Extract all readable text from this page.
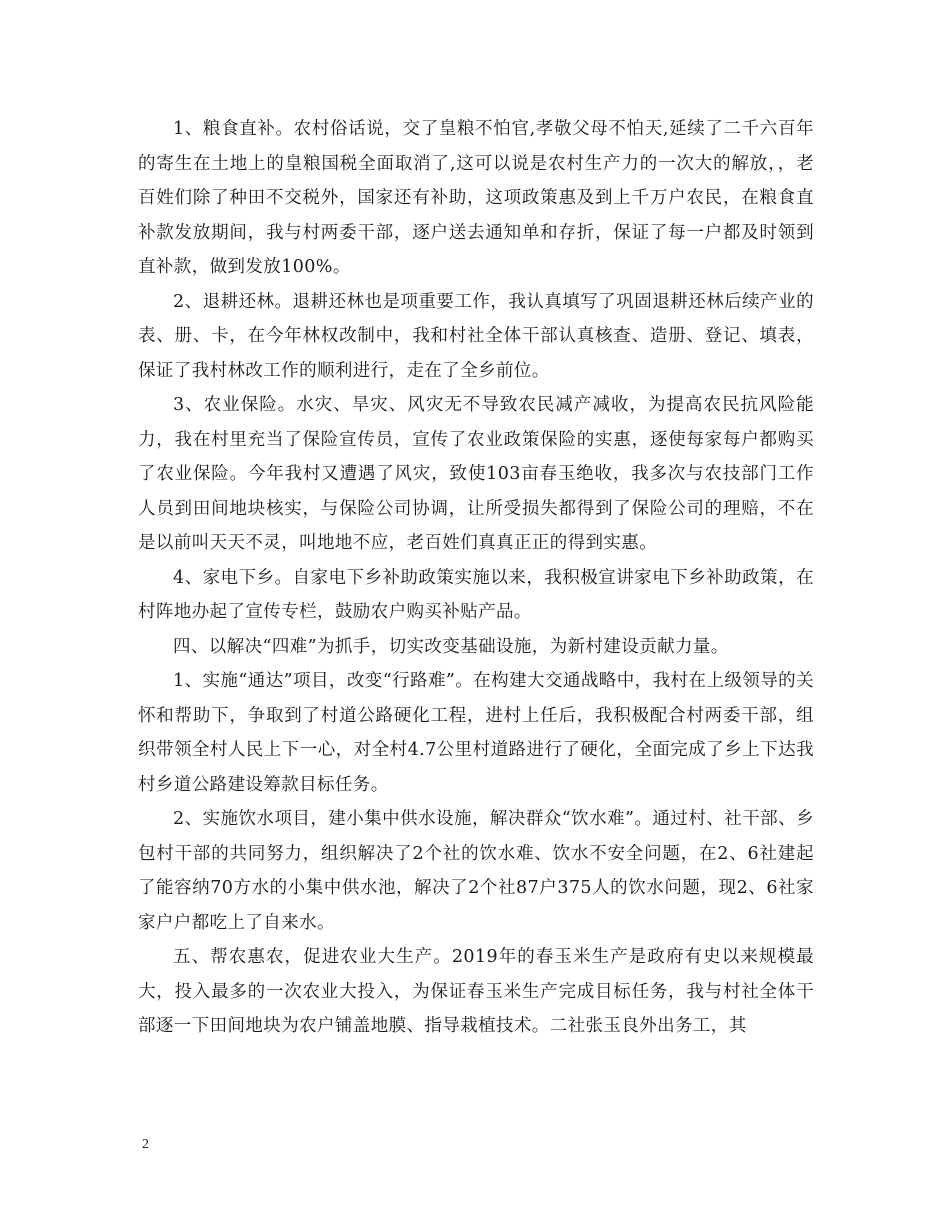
1、粮食直补。农村俗话说，交了皇粮不怕官,孝敬父母不怕天,延续了二千六百年的寄生在土地上的皇粮国税全面取消了,这可以说是农村生产力的一次大的解放，，老百姓们除了种田不交税外，国家还有补助，这项政策惠及到上千万户农民，在粮食直补款发放期间，我与村两委干部，逐户送去通知单和存折，保证了每一户都及时领到直补款，做到发放100%。

2、退耕还林。退耕还林也是项重要工作，我认真填写了巩固退耕还林后续产业的表、册、卡，在今年林权改制中，我和村社全体干部认真核查、造册、登记、填表，保证了我村林改工作的顺利进行，走在了全乡前位。

3、农业保险。水灾、旱灾、风灾无不导致农民减产减收，为提高农民抗风险能力，我在村里充当了保险宣传员，宣传了农业政策保险的实惠，逐使每家每户都购买了农业保险。今年我村又遭遇了风灾，致使103亩春玉绝收，我多次与农技部门工作人员到田间地块核实，与保险公司协调，让所受损失都得到了保险公司的理赔，不在是以前叫天天不灵，叫地地不应，老百姓们真真正正的得到实惠。

4、家电下乡。自家电下乡补助政策实施以来，我积极宣讲家电下乡补助政策，在村阵地办起了宣传专栏，鼓励农户购买补贴产品。

四、以解决“四难”为抓手，切实改变基础设施，为新村建设贡献力量。

1、实施“通达”项目，改变“行路难”。在构建大交通战略中，我村在上级领导的关怀和帮助下，争取到了村道公路硬化工程，进村上任后，我积极配合村两委干部，组织带领全村人民上下一心，对全村4.7公里村道路进行了硬化，全面完成了乡上下达我村乡道公路建设筹款目标任务。

2、实施饮水项目，建小集中供水设施，解决群众“饮水难”。通过村、社干部、乡包村干部的共同努力，组织解决了2个社的饮水难、饮水不安全问题，在2、6社建起了能容纳70方水的小集中供水池，解决了2个社87户375人的饮水问题，现2、6社家家户户都吃上了自来水。

五、帮农惠农，促进农业大生产。2019年的春玉米生产是政府有史以来规模最大，投入最多的一次农业大投入，为保证春玉米生产完成目标任务，我与村社全体干部逐一下田间地块为农户铺盖地膜、指导栽植技术。二社张玉良外出务工，其

2
